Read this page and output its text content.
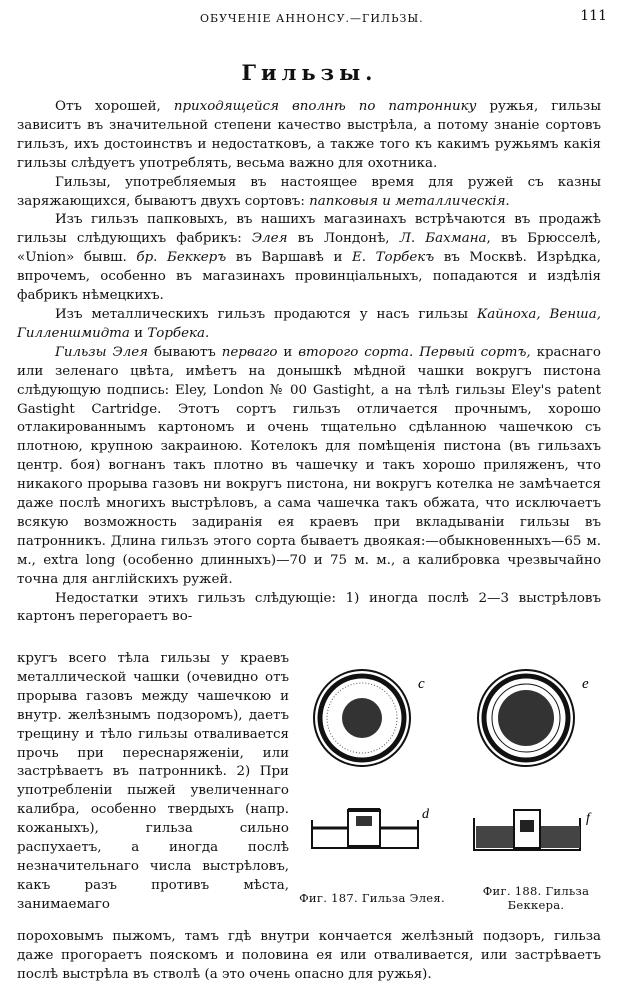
ОБУЧЕНІЕ АННОНСУ.—ГИЛЬЗЫ.	111
Гильзы.

Отъ хорошей, приходящейся вполнѣ по патроннику ружья, гильзы зависитъ въ значительной степени качество выстрѣла, а потому знаніе сортовъ гильзъ, ихъ достоинствъ и недостатковъ, а также того къ какимъ ружьямъ какія гильзы слѣдуетъ употреблять, весьма важно для охотника.

Гильзы, употребляемыя въ настоящее время для ружей съ казны заряжающихся, бываютъ двухъ сортовъ: папковыя и металлическія.

Изъ гильзъ папковыхъ, въ нашихъ магазинахъ встрѣчаются въ продажѣ гильзы слѣдующихъ фабрикъ: Элея въ Лондонѣ, Л. Бахмана, въ Брюсселѣ, «Union» бывш. бр. Беккеръ въ Варшавѣ и Е. Торбекъ въ Москвѣ. Изрѣдка, впрочемъ, особенно въ магазинахъ провинціальныхъ, попадаются и издѣлія фабрикъ нѣмецкихъ.

Изъ металлическихъ гильзъ продаются у насъ гильзы Кайноха, Венша, Гилленшмидта и Торбека.

Гильзы Элея бываютъ перваго и второго сорта. Первый сортъ, краснаго или зеленаго цвѣта, имѣетъ на донышкѣ мѣдной чашки вокругъ пистона слѣдующую подпись: Eley, London № 00 Gastight, а на тѣлѣ гильзы Eley's patent Gastight Cartridge. Этотъ сортъ гильзъ отличается прочнымъ, хорошо отлакированнымъ картономъ и очень тщательно сдѣланною чашечкою съ плотною, крупною закраиною. Котелокъ для помѣщенія пистона (въ гильзахъ центр. боя) вогнанъ такъ плотно въ чашечку и такъ хорошо приляженъ, что никакого прорыва газовъ ни вокругъ пистона, ни вокругъ котелка не замѣчается даже послѣ многихъ выстрѣловъ, а сама чашечка такъ обжата, что исключаетъ всякую возможность задиранія ея краевъ при вкладываніи гильзы въ патронникъ. Длина гильзъ этого сорта бываетъ двоякая:—обыкновенныхъ—65 м. м., extra long (особенно длинныхъ)—70 и 75 м. м., а калибровка чрезвычайно точна для англійскихъ ружей.

Недостатки этихъ гильзъ слѣдующіе: 1) иногда послѣ 2—3 выстрѣловъ картонъ перегораетъ во-

кругъ всего тѣла гильзы у краевъ металлической чашки (очевидно отъ прорыва газовъ между чашечкою и внутр. желѣзнымъ подзоромъ), даетъ трещину и тѣло гильзы отваливается прочь при переснаряженіи, или застрѣваетъ въ патронникѣ. 2) При употребленіи пыжей увеличеннаго калибра, особенно твердыхъ (напр. кожаныхъ), гильза сильно распухаетъ, а иногда послѣ незначительнаго числа выстрѣловъ, какъ разъ противъ мѣста, занимаемаго

пороховымъ пыжомъ, тамъ гдѣ внутри кончается желѣзный подзоръ, гильза даже прогораетъ пояскомъ и половина ея или отваливается, или застрѣваетъ послѣ выстрѣла въ стволѣ (а это очень опасно для ружья).

c
d
e
f
Фиг. 187. Гильза Элея.	Фиг. 188. Гильза
Беккера.
